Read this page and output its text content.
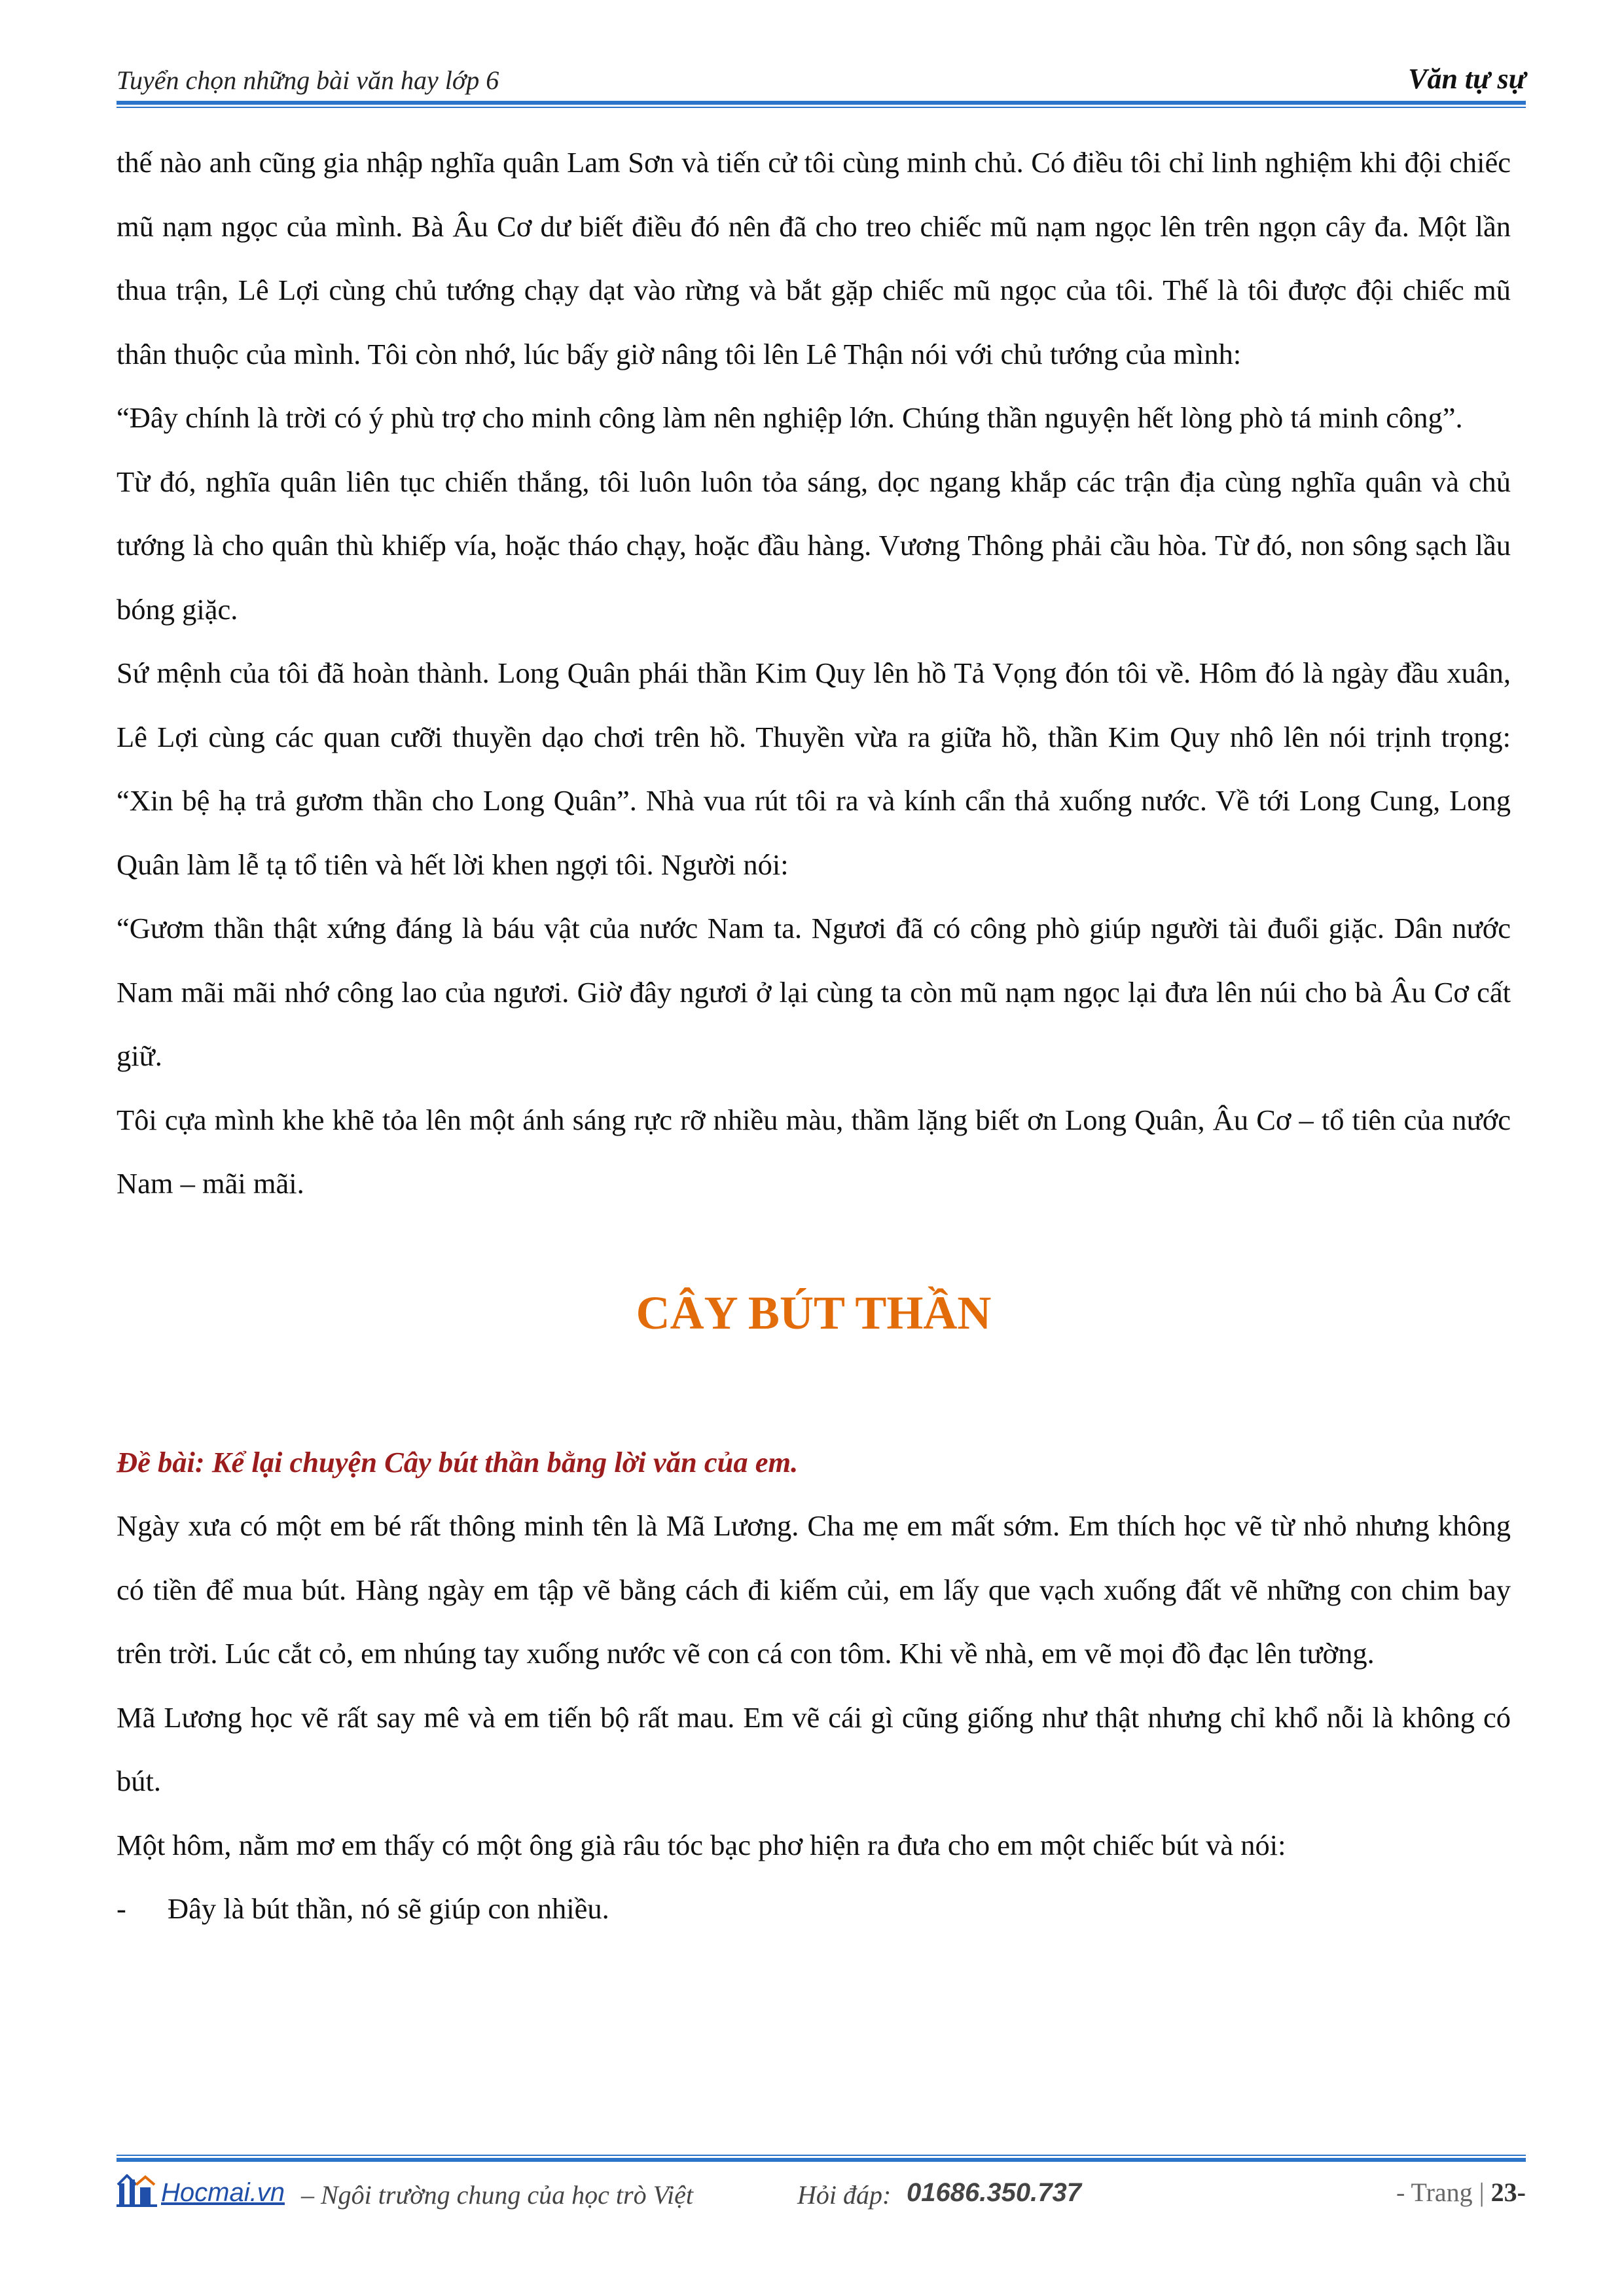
Tuyển chọn những bài văn hay lớp 6	Văn tự sự

thế nào anh cũng gia nhập nghĩa quân Lam Sơn và tiến cử tôi cùng minh chủ. Có điều tôi chỉ linh nghiệm khi đội chiếc mũ nạm ngọc của mình. Bà Âu Cơ dư biết điều đó nên đã cho treo chiếc mũ nạm ngọc lên trên ngọn cây đa. Một lần thua trận, Lê Lợi cùng chủ tướng chạy dạt vào rừng và bắt gặp chiếc mũ ngọc của tôi. Thế là tôi được đội chiếc mũ thân thuộc của mình. Tôi còn nhớ, lúc bấy giờ nâng tôi lên Lê Thận nói với chủ tướng của mình:

“Đây chính là trời có ý phù trợ cho minh công làm nên nghiệp lớn. Chúng thần nguyện hết lòng phò tá minh công”.

Từ đó, nghĩa quân liên tục chiến thắng, tôi luôn luôn tỏa sáng, dọc ngang khắp các trận địa cùng nghĩa quân và chủ tướng là cho quân thù khiếp vía, hoặc tháo chạy, hoặc đầu hàng. Vương Thông phải cầu hòa. Từ đó, non sông sạch lầu bóng giặc.

Sứ mệnh của tôi đã hoàn thành. Long Quân phái thần Kim Quy lên hồ Tả Vọng đón tôi về. Hôm đó là ngày đầu xuân, Lê Lợi cùng các quan cưỡi thuyền dạo chơi trên hồ. Thuyền vừa ra giữa hồ, thần Kim Quy nhô lên nói trịnh trọng: “Xin bệ hạ trả gươm thần cho Long Quân”. Nhà vua rút tôi ra và kính cẩn thả xuống nước. Về tới Long Cung, Long Quân làm lễ tạ tổ tiên và hết lời khen ngợi tôi. Người nói:

“Gươm thần thật xứng đáng là báu vật của nước Nam ta. Ngươi đã có công phò giúp người tài đuổi giặc. Dân nước Nam mãi mãi nhớ công lao của ngươi. Giờ đây ngươi ở lại cùng ta còn mũ nạm ngọc lại đưa lên núi cho bà Âu Cơ cất giữ.

Tôi cựa mình khe khẽ tỏa lên một ánh sáng rực rỡ nhiều màu, thầm lặng biết ơn Long Quân, Âu Cơ – tổ tiên của nước Nam – mãi mãi.

CÂY BÚT THẦN

Đề bài: Kể lại chuyện Cây bút thần bằng lời văn của em.

Ngày xưa có một em bé rất thông minh tên là Mã Lương. Cha mẹ em mất sớm. Em thích học vẽ từ nhỏ nhưng không có tiền để mua bút. Hàng ngày em tập vẽ bằng cách đi kiếm củi, em lấy que vạch xuống đất vẽ những con chim bay trên trời. Lúc cắt cỏ, em nhúng tay xuống nước vẽ con cá con tôm. Khi về nhà, em vẽ mọi đồ đạc lên tường.

Mã Lương học vẽ rất say mê và em tiến bộ rất mau. Em vẽ cái gì cũng giống như thật nhưng chỉ khổ nỗi là không có bút.

Một hôm, nằm mơ em thấy có một ông già râu tóc bạc phơ hiện ra đưa cho em một chiếc bút và nói:

- Đây là bút thần, nó sẽ giúp con nhiều.

Hocmai.vn – Ngôi trường chung của học trò Việt	Hỏi đáp: 01686.350.737	- Trang | 23-
